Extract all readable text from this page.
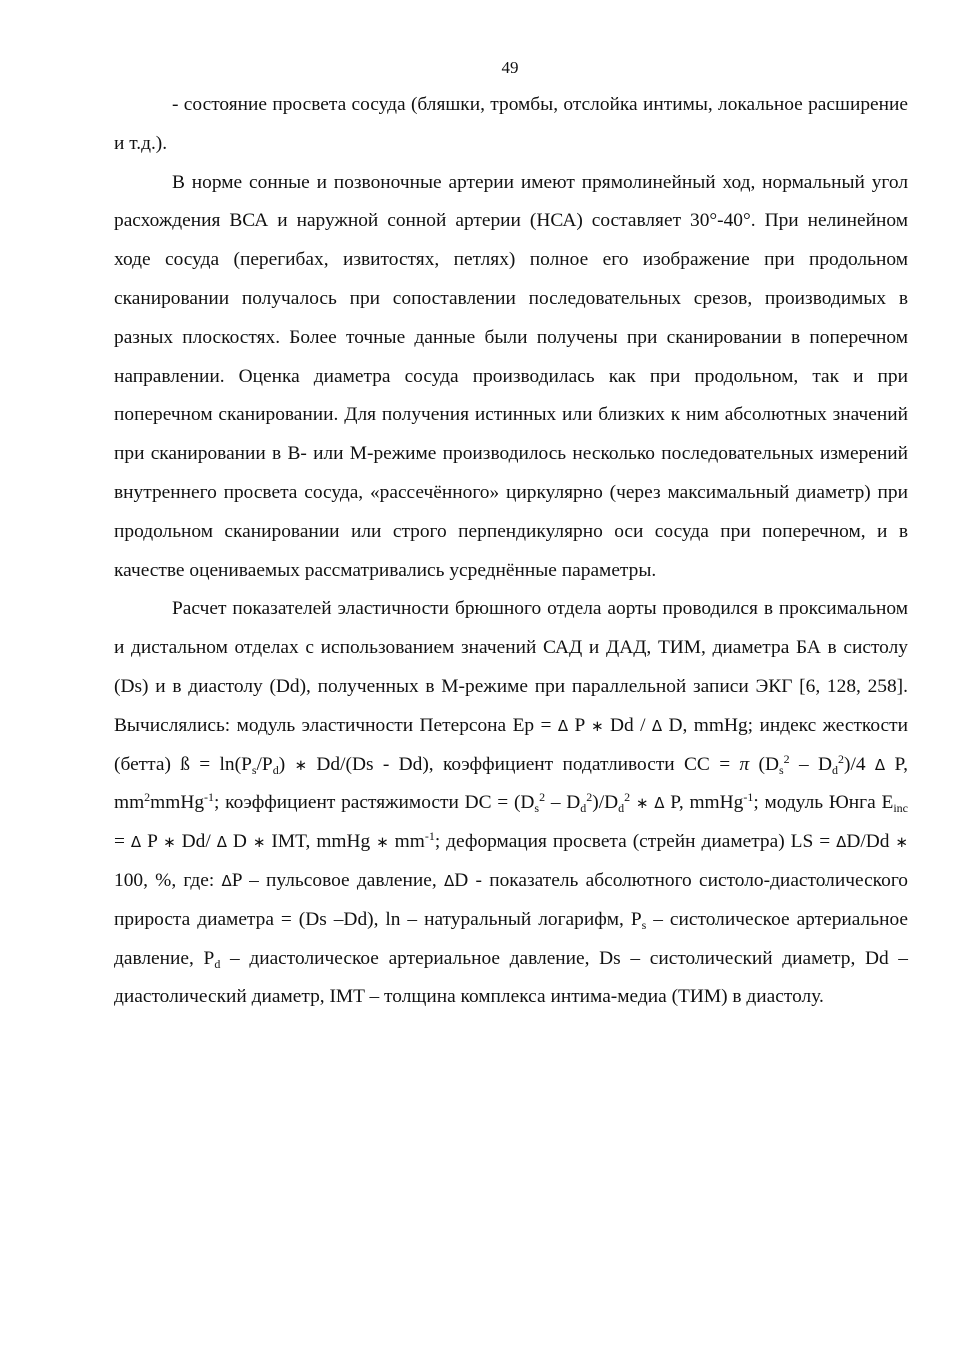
49

- состояние просвета сосуда (бляшки, тромбы, отслойка интимы, локальное расширение и т.д.).

В норме сонные и позвоночные артерии имеют прямолинейный ход, нормальный угол расхождения ВСА и наружной сонной артерии (НСА) составляет 30°-40°. При нелинейном ходе сосуда (перегибах, извитостях, петлях) полное его изображение при продольном сканировании получалось при сопоставлении последовательных срезов, производимых в разных плоскостях. Более точные данные были получены при сканировании в поперечном направлении. Оценка диаметра сосуда производилась как при продольном, так и при поперечном сканировании. Для получения истинных или близких к ним абсолютных значений при сканировании в В- или М-режиме производилось несколько последовательных измерений внутреннего просвета сосуда, «рассечённого» циркулярно (через максимальный диаметр) при продольном сканировании или строго перпендикулярно оси сосуда при поперечном, и в качестве оцениваемых рассматривались усреднённые параметры.

Расчет показателей эластичности брюшного отдела аорты проводился в проксимальном и дистальном отделах с использованием значений САД и ДАД, ТИМ, диаметра БА в систолу (Ds) и в диастолу (Dd), полученных в М-режиме при параллельной записи ЭКГ [6, 128, 258]. Вычислялись: модуль эластичности Петерсона Ep = Δ P ∗ Dd / Δ D, mmHg; индекс жесткости (бетта) ß = $\ln(P_s/P_d)$ ∗ Dd/(Ds - Dd), коэффициент податливости CC = π $(D_s^2 - D_d^2)/4$ Δ P, $mm^2mmHg^{-1}$; коэффициент растяжимости DC = $(D_s^2 - D_d^2)/D_d^2$ ∗ Δ P, mmHg$^{-1}$; модуль Юнга $E_{inc} = \Delta$ P ∗ Dd/ Δ D ∗ IMT, mmHg ∗ $mm^{-1}$; деформация просвета (стрейн диаметра) LS = ΔD/Dd ∗ 100, %, где: ΔP – пульсовое давление, ΔD - показатель абсолютного систоло-диастолического прироста диаметра = (Ds –Dd), ln – натуральный логарифм, $P_s$ – систолическое артериальное давление, $P_d$ – диастолическое артериальное давление, Ds – систолический диаметр, Dd – диастолический диаметр, IMT – толщина комплекса интима-медиа (ТИМ) в диастолу.
